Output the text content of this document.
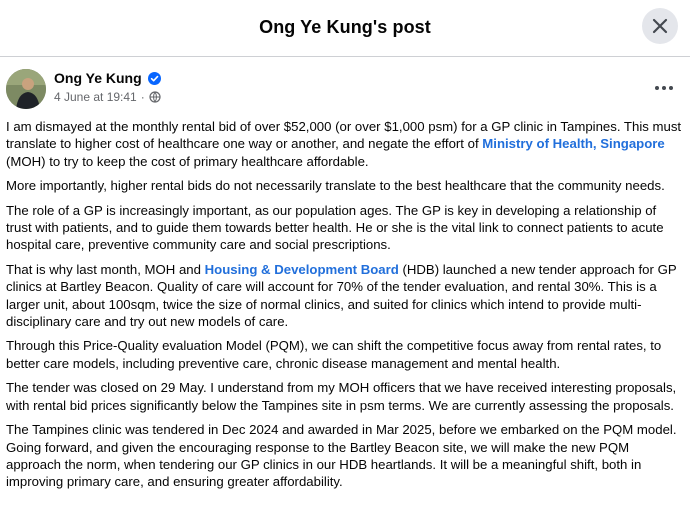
Ong Ye Kung's post
Ong Ye Kung
4 June at 19:41 ·

I am dismayed at the monthly rental bid of over $52,000 (or over $1,000 psm) for a GP clinic in Tampines. This must translate to higher cost of healthcare one way or another, and negate the effort of Ministry of Health, Singapore (MOH) to try to keep the cost of primary healthcare affordable.

More importantly, higher rental bids do not necessarily translate to the best healthcare that the community needs.

The role of a GP is increasingly important, as our population ages. The GP is key in developing a relationship of trust with patients, and to guide them towards better health. He or she is the vital link to connect patients to acute hospital care, preventive community care and social prescriptions.

That is why last month, MOH and Housing & Development Board (HDB) launched a new tender approach for GP clinics at Bartley Beacon. Quality of care will account for 70% of the tender evaluation, and rental 30%. This is a larger unit, about 100sqm, twice the size of normal clinics, and suited for clinics which intend to provide multi-disciplinary care and try out new models of care.

Through this Price-Quality evaluation Model (PQM), we can shift the competitive focus away from rental rates, to better care models, including preventive care, chronic disease management and mental health.

The tender was closed on 29 May. I understand from my MOH officers that we have received interesting proposals, with rental bid prices significantly below the Tampines site in psm terms. We are currently assessing the proposals.

The Tampines clinic was tendered in Dec 2024 and awarded in Mar 2025, before we embarked on the PQM model. Going forward, and given the encouraging response to the Bartley Beacon site, we will make the new PQM approach the norm, when tendering our GP clinics in our HDB heartlands. It will be a meaningful shift, both in improving primary care, and ensuring greater affordability.
